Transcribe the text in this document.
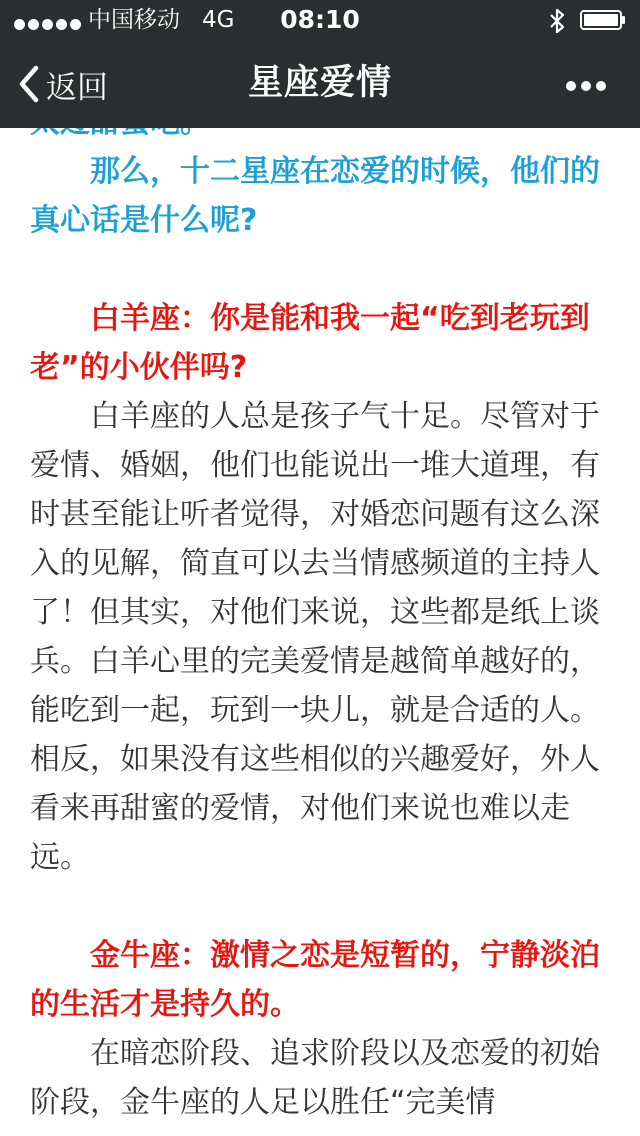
那么，十二星座在恋爱的时候，他们的真心话是什么呢?

白羊座：你是能和我一起“吃到老玩到老”的小伙伴吗?

白羊座的人总是孩子气十足。尽管对于爱情、婚姻，他们也能说出一堆大道理，有时甚至能让听者觉得，对婚恋问题有这么深入的见解，简直可以去当情感频道的主持人了！但其实，对他们来说，这些都是纸上谈兵。白羊心里的完美爱情是越简单越好的，能吃到一起，玩到一块儿，就是合适的人。相反，如果没有这些相似的兴趣爱好，外人看来再甜蜜的爱情，对他们来说也难以走远。

金牛座：激情之恋是短暂的，宁静淡泊的生活才是持久的。

在暗恋阶段、追求阶段以及恋爱的初始阶段，金牛座的人足以胜任“完美情

中国移动 4G	08:10
返回	星座爱情
